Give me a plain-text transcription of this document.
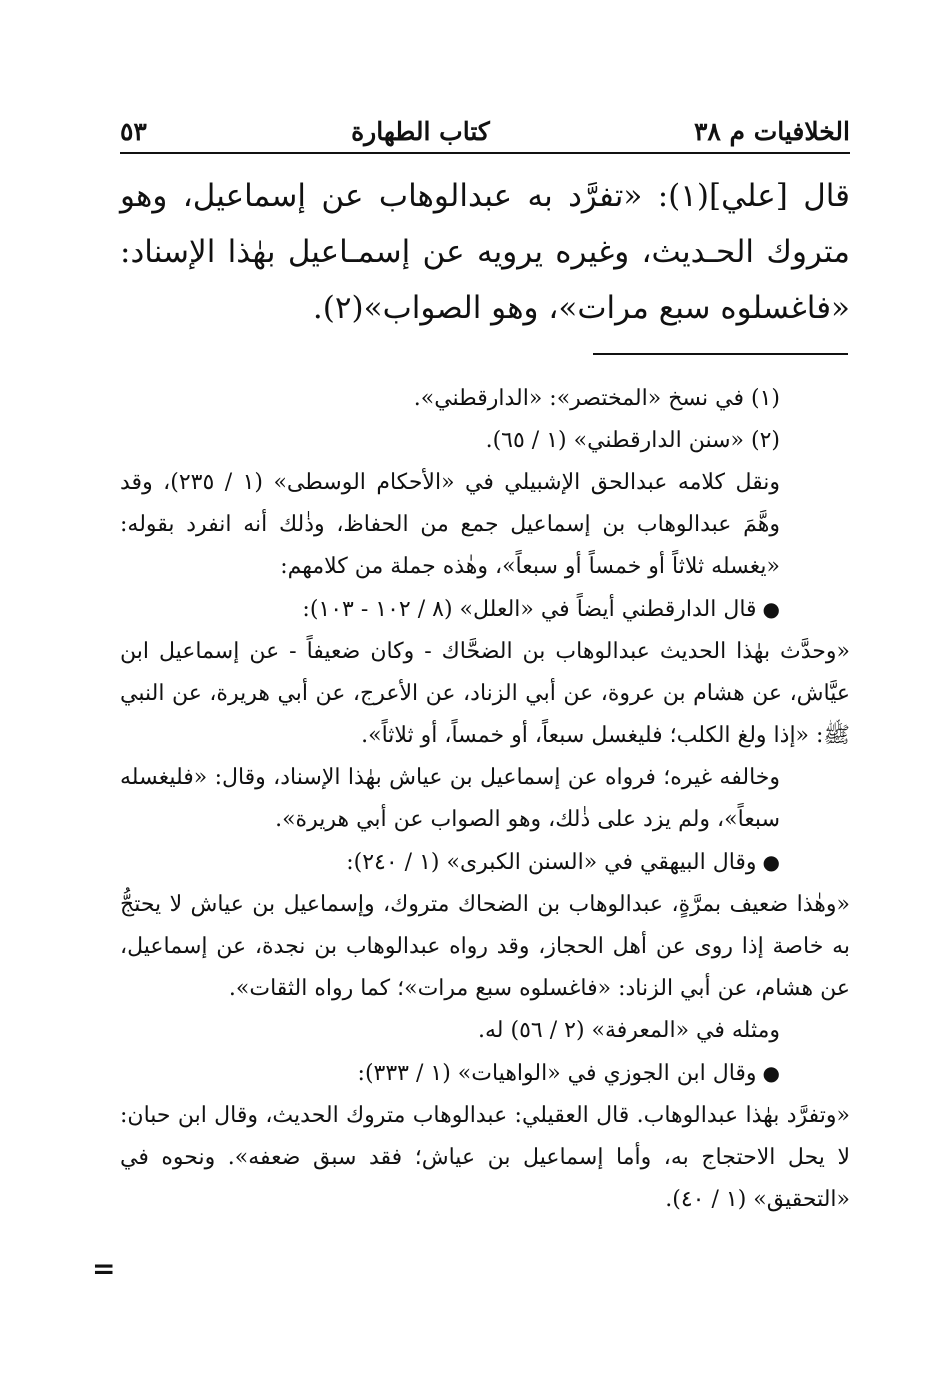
الخلافيات م ٣٨
كتاب الطهارة
٥٣

قال [علي](١): «تفرَّد به عبدالوهاب عن إسماعيل، وهو متروك الحـديث، وغيره يرويه عن إسمـاعيل بهٰذا الإسناد: «فاغسلوه سبع مرات»، وهو الصواب»(٢).

(١) في نسخ «المختصر»: «الدارقطني».

(٢) «سنن الدارقطني» (١ / ٦٥).

ونقل كلامه عبدالحق الإشبيلي في «الأحكام الوسطى» (١ / ٢٣٥)، وقد وهَّمَ عبدالوهاب بن إسماعيل جمع من الحفاظ، وذٰلك أنه انفرد بقوله: «يغسله ثلاثاً أو خمساً أو سبعاً»، وهٰذه جملة من كلامهم:

●قال الدارقطني أيضاً في «العلل» (٨ / ١٠٢ - ١٠٣):

«وحدَّث بهٰذا الحديث عبدالوهاب بن الضحَّاك - وكان ضعيفاً - عن إسماعيل ابن عيَّاش، عن هشام بن عروة، عن أبي الزناد، عن الأعرج، عن أبي هريرة، عن النبي ﷺ: «إذا ولغ الكلب؛ فليغسل سبعاً، أو خمساً، أو ثلاثاً».

وخالفه غيره؛ فرواه عن إسماعيل بن عياش بهٰذا الإسناد، وقال: «فليغسله سبعاً»، ولم يزد على ذٰلك، وهو الصواب عن أبي هريرة».

●وقال البيهقي في «السنن الكبرى» (١ / ٢٤٠):

«وهٰذا ضعيف بمرَّةٍ، عبدالوهاب بن الضحاك متروك، وإسماعيل بن عياش لا يحتجُّ به خاصة إذا روى عن أهل الحجاز، وقد رواه عبدالوهاب بن نجدة، عن إسماعيل، عن هشام، عن أبي الزناد: «فاغسلوه سبع مرات»؛ كما رواه الثقات».

ومثله في «المعرفة» (٢ / ٥٦) له.

●وقال ابن الجوزي في «الواهيات» (١ / ٣٣٣):

«وتفرَّد بهٰذا عبدالوهاب. قال العقيلي: عبدالوهاب متروك الحديث، وقال ابن حبان: لا يحل الاحتجاج به، وأما إسماعيل بن عياش؛ فقد سبق ضعفه». ونحوه في «التحقيق» (١ / ٤٠).

=
